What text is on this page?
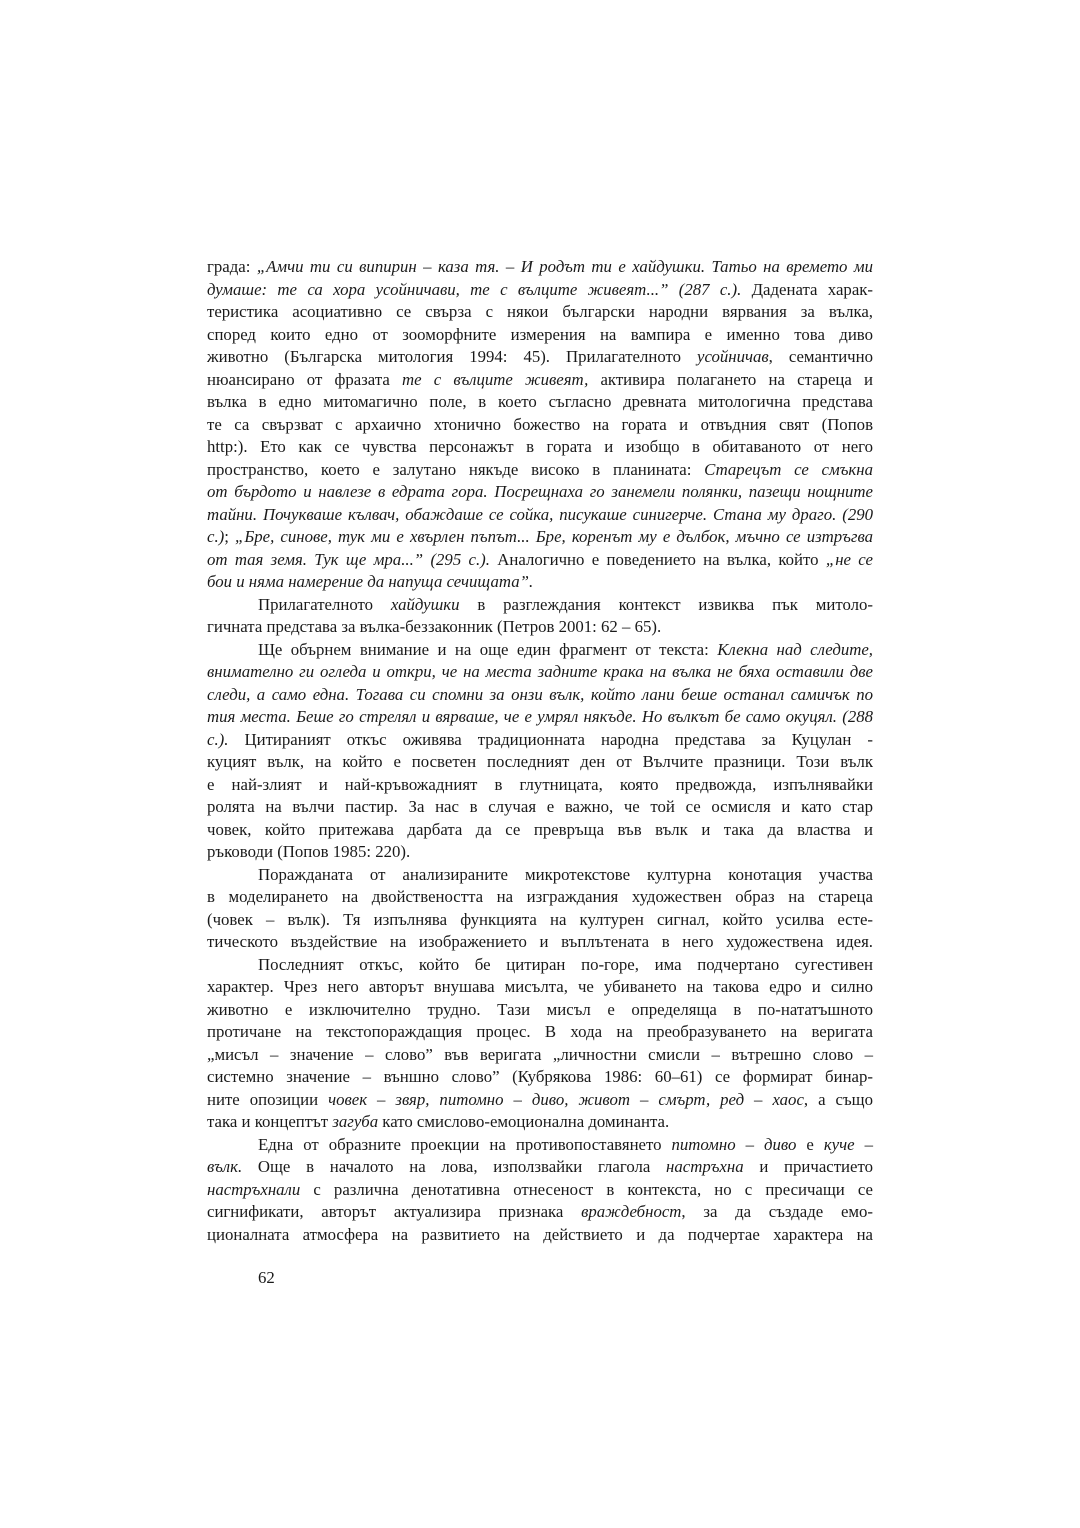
града: „Амчи ти си випирин – каза тя. – И родът ти е хайдушки. Татьо на времето ми
думаше: те са хора усойничави, те с вълците живеят...” (287 с.). Дадената харак-
теристика асоциативно се свърза с някои български народни вярвания за вълка,
според които едно от зооморфните измерения на вампира е именно това диво
животно (Българска митология 1994: 45). Прилагателното усойничав, семантично
нюансирано от фразата те с вълците живеят, активира полагането на стареца и
вълка в едно митомагично поле, в което съгласно древната митологична представа
те са свързват с архаично хтонично божество на гората и отвъдния свят (Попов
http:). Ето как се чувства персонажът в гората и изобщо в обитаваното от него
пространство, което е залутано някъде високо в планината: Старецът се смъкна
от бърдото и навлезе в едрата гора. Посрещнаха го занемели полянки, пазещи нощните
тайни. Почукваше кълвач, обаждаше се сойка, писукаше синигерче. Стана му драго. (290
с.); „Бре, синове, тук ми е хвърлен пъпът... Бре, коренът му е дълбок, мъчно се изтръгва
от тая земя. Тук ще мра...” (295 с.). Аналогично е поведението на вълка, който „не се
бои и няма намерение да напуща сечищата”.
Прилагателното хайдушки в разглеждания контекст извиква пък митоло-
гичната представа за вълка-беззаконник (Петров 2001: 62 – 65).
Ще обърнем внимание и на още един фрагмент от текста: Клекна над следите,
внимателно ги огледа и откри, че на места задните крака на вълка не бяха оставили две
следи, а само една. Тогава си спомни за онзи вълк, който лани беше останал самичък по
тия места. Беше го стрелял и вярваше, че е умрял някъде. Но вълкът бе само окуцял. (288
с.). Цитираният откъс оживява традиционната народна представа за Куцулан -
куцият вълк, на който е посветен последният ден от Вълчите празници. Този вълк
е най-злият и най-кръвожадният в глутницата, която предвожда, изпълнявайки
ролята на вълчи пастир. За нас в случая е важно, че той се осмисля и като стар
човек, който притежава дарбата да се превръща във вълк и така да властва и
ръководи (Попов 1985: 220).
Поражданата от анализираните микротекстове културна конотация участва
в моделирането на двойствеността на изграждания художествен образ на стареца
(човек – вълк). Тя изпълнява функцията на културен сигнал, който усилва есте-
тическото въздействие на изображението и въплътената в него художествена идея.
Последният откъс, който бе цитиран по-горе, има подчертано сугестивен
характер. Чрез него авторът внушава мисълта, че убиването на такова едро и силно
животно е изключително трудно. Тази мисъл е определяща в по-нататъшното
протичане на текстопораждащия процес. В хода на преобразуването на веригата
„мисъл – значение – слово” във веригата „личностни смисли – вътрешно слово –
системно значение – външно слово” (Кубрякова 1986: 60–61) се формират бинар-
ните опозиции човек – звяр, питомно – диво, живот – смърт, ред – хаос, а също
така и концептът загуба като смислово-емоционална доминанта.
Една от образните проекции на противопоставянето питомно – диво е куче –
вълк. Още в началото на лова, използвайки глагола настръхна и причастието
настръхнали с различна денотативна отнесеност в контекста, но с пресичащи се
сигнификати, авторът актуализира признака враждебност, за да създаде емо-
ционалната атмосфера на развитието на действието и да подчертае характера на
62
